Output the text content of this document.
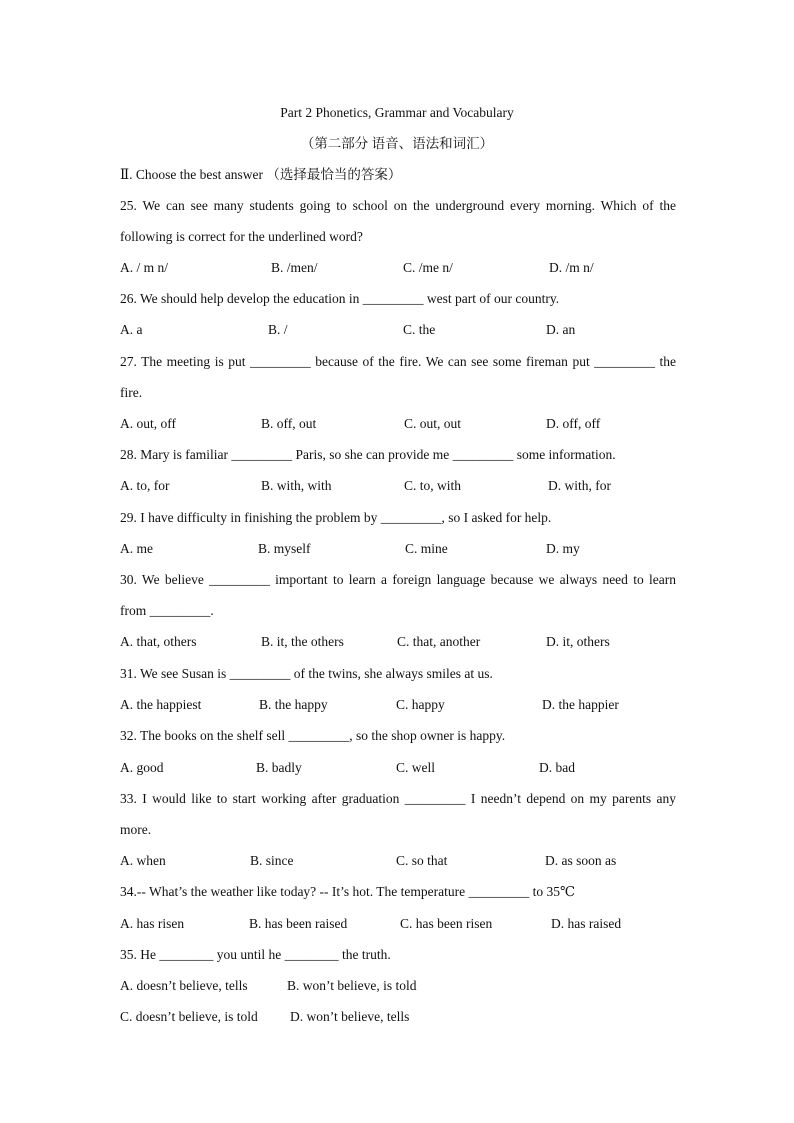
Part 2 Phonetics, Grammar and Vocabulary
（第二部分 语音、语法和词汇）
Ⅱ. Choose the best answer （选择最恰当的答案）
25. We can see many students going to school on the underground every morning. Which of the
following is correct for the underlined word?
A. / m n/	B. /men/	C. /me n/	D. /m n/
26. We should help develop the education in _________ west part of our country.
A. a	B. /	C. the	D. an
27. The meeting is put _________ because of the fire. We can see some fireman put _________ the
fire.
A. out, off	B. off, out	C. out, out	D. off, off
28. Mary is familiar _________ Paris, so she can provide me _________ some information.
A. to, for	B. with, with	C. to, with	D. with, for
29. I have difficulty in finishing the problem by _________, so I asked for help.
A. me	B. myself	C. mine	D. my
30. We believe _________ important to learn a foreign language because we always need to learn
from _________.
A. that, others	B. it, the others	C. that, another	D. it, others
31. We see Susan is _________ of the twins, she always smiles at us.
A. the happiest	B. the happy	C. happy	D. the happier
32. The books on the shelf sell _________, so the shop owner is happy.
A. good	B. badly	C. well	D. bad
33. I would like to start working after graduation _________ I needn’t depend on my parents any
more.
A. when	B. since	C. so that	D. as soon as
34.-- What’s the weather like today? -- It’s hot. The temperature _________ to 35℃
A. has risen	B. has been raised	C. has been risen	D. has raised
35. He ________ you until he ________ the truth.
A. doesn’t believe, tells	B. won’t believe, is told
C. doesn’t believe, is told D. won’t believe, tells
